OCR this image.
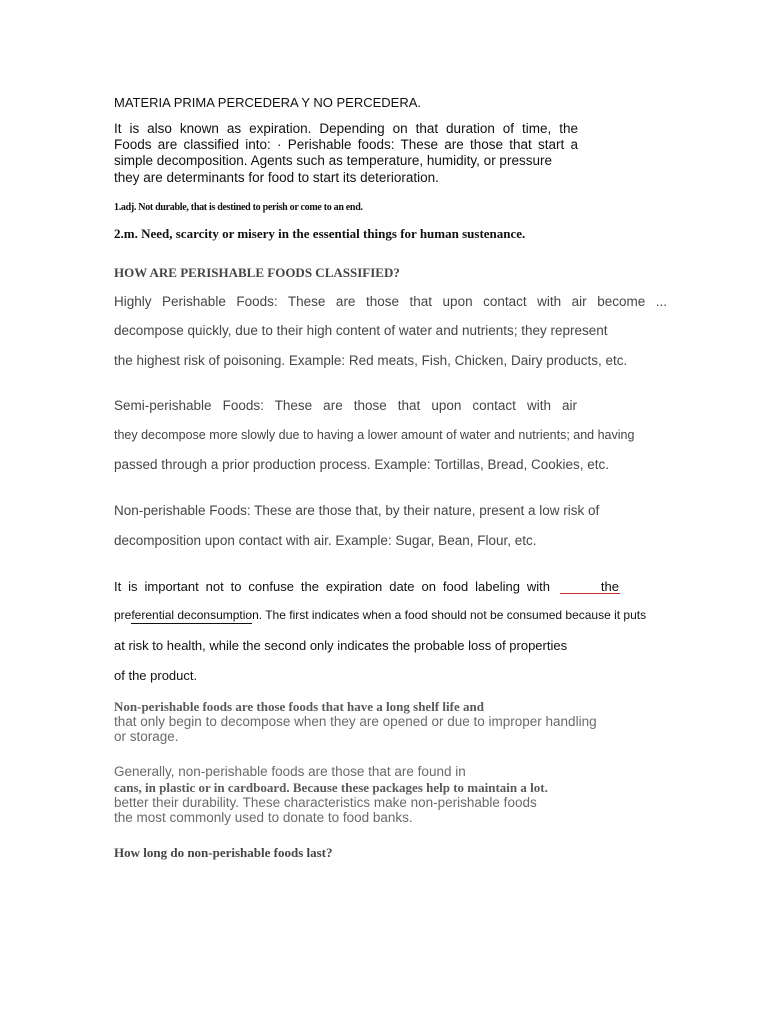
MATERIA PRIMA PERCEDERA Y NO PERCEDERA.

It is also known as expiration. Depending on that duration of time, the

Foods are classified into: · Perishable foods: These are those that start a

simple decomposition. Agents such as temperature, humidity, or pressure

they are determinants for food to start its deterioration.

1.adj. Not durable, that is destined to perish or come to an end.

2.m. Need, scarcity or misery in the essential things for human sustenance.

HOW ARE PERISHABLE FOODS CLASSIFIED?

Highly Perishable Foods: These are those that upon contact with air become ...

decompose quickly, due to their high content of water and nutrients; they represent

the highest risk of poisoning. Example: Red meats, Fish, Chicken, Dairy products, etc.

Semi-perishable Foods: These are those that upon contact with air

they decompose more slowly due to having a lower amount of water and nutrients; and having

passed through a prior production process. Example: Tortillas, Bread, Cookies, etc.

Non-perishable Foods: These are those that, by their nature, present a low risk of

decomposition upon contact with air. Example: Sugar, Bean, Flour, etc.

It is important not to confuse the expiration date on food labeling with	the
preferential deconsumption. The first indicates when a food should not be consumed because it puts

at risk to health, while the second only indicates the probable loss of properties

of the product.

Non-perishable foods are those foods that have a long shelf life and

that only begin to decompose when they are opened or due to improper handling

or storage.

Generally, non-perishable foods are those that are found in

cans, in plastic or in cardboard. Because these packages help to maintain a lot.

better their durability. These characteristics make non-perishable foods

the most commonly used to donate to food banks.

How long do non-perishable foods last?
